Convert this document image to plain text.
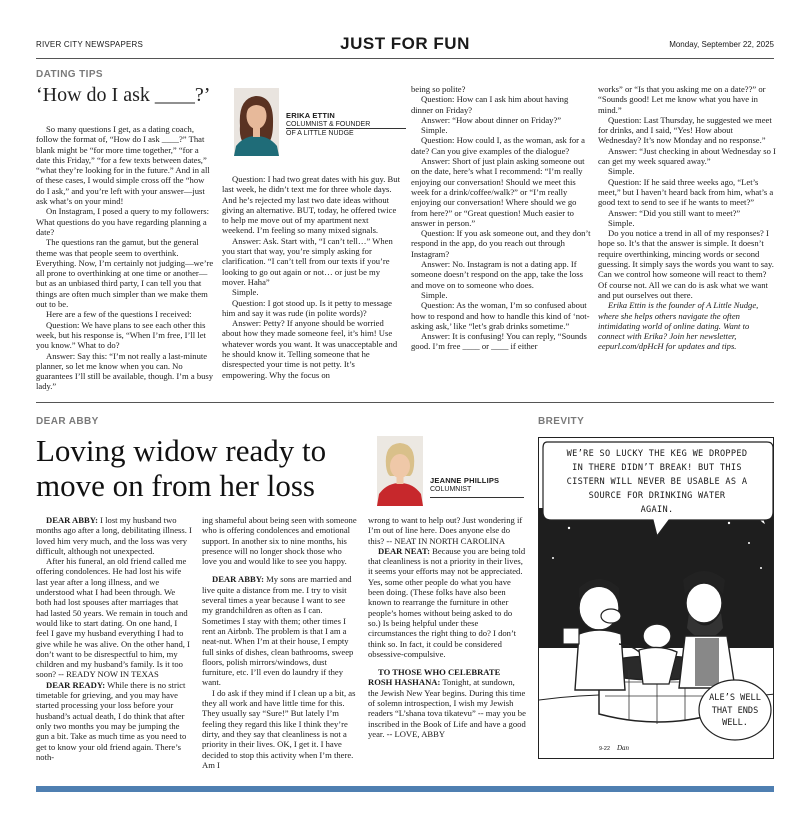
RIVER CITY NEWSPAPERS	JUST FOR FUN	Monday, September 22, 2025
DATING TIPS
‘How do I ask ____?’
ERIKA ETTIN
COLUMNIST & FOUNDER
OF A LITTLE NUDGE

So many questions I get, as a dating coach, follow the format of, “How do I ask ____?” That blank might be “for more time together,” “for a date this Friday,” “for a few texts between dates,” “what they’re looking for in the future.” And in all of these cases, I would simple cross off the “how do I ask,” and you’re left with your answer—just ask what’s on your mind!

On Instagram, I posed a query to my followers: What questions do you have regarding planning a date?

The questions ran the gamut, but the general theme was that people seem to overthink. Everything. Now, I’m certainly not judging—we’re all prone to overthinking at one time or another—but as an unbiased third party, I can tell you that things are often much simpler than we make them out to be.

Here are a few of the questions I received:

Question: We have plans to see each other this week, but his response is, “When I’m free, I’ll let you know.” What to do?

Answer: Say this: “I’m not really a last-minute planner, so let me know when you can. No guarantees I’ll still be available, though. I’m a busy lady.”

Question: I had two great dates with his guy. But last week, he didn’t text me for three whole days. And he’s rejected my last two date ideas without giving an alternative. BUT, today, he offered twice to help me move out of my apartment next weekend. I’m feeling so many mixed signals.

Answer: Ask. Start with, “I can’t tell…” When you start that way, you’re simply asking for clarification. “I can’t tell from our texts if you’re looking to go out again or not… or just be my mover. Haha”

Simple.

Question: I got stood up. Is it petty to message him and say it was rude (in polite words)?

Answer: Petty? If anyone should be worried about how they made someone feel, it’s him! Use whatever words you want. It was unacceptable and he should know it. Telling someone that he disrespected your time is not petty. It’s empowering. Why the focus on

being so polite?

Question: How can I ask him about having dinner on Friday?

Answer: “How about dinner on Friday?”

Simple.

Question: How could I, as the woman, ask for a date? Can you give examples of the dialogue?

Answer: Short of just plain asking someone out on the date, here’s what I recommend: “I’m really enjoying our conversation! Should we meet this week for a drink/coffee/walk?” or “I’m really enjoying our conversation! Where should we go from here?” or “Great question! Much easier to answer in person.”

Question: If you ask someone out, and they don’t respond in the app, do you reach out through Instagram?

Answer: No. Instagram is not a dating app. If someone doesn’t respond on the app, take the loss and move on to someone who does.

Simple.

Question: As the woman, I’m so confused about how to respond and how to handle this kind of ‘not-asking ask,’ like “let’s grab drinks sometime.”

Answer: It is confusing! You can reply, “Sounds good. I’m free ____ or ____ if either

works” or “Is that you asking me on a date??” or “Sounds good! Let me know what you have in mind.”

Question: Last Thursday, he suggested we meet for drinks, and I said, “Yes! How about Wednesday? It’s now Monday and no response.”

Answer: “Just checking in about Wednesday so I can get my week squared away.”

Simple.

Question: If he said three weeks ago, “Let’s meet,” but I haven’t heard back from him, what’s a good text to send to see if he wants to meet?”

Answer: “Did you still want to meet?”

Simple.

Do you notice a trend in all of my responses? I hope so. It’s that the answer is simple. It doesn’t require overthinking, mincing words or second guessing. It simply says the words you want to say. Can we control how someone will react to them? Of course not. All we can do is ask what we want and put ourselves out there.

Erika Ettin is the founder of A Little Nudge, where she helps others navigate the often intimidating world of online dating. Want to connect with Erika? Join her newsletter, eepurl.com/dpHcH for updates and tips.

DEAR ABBY
Loving widow ready to move on from her loss	JEANNE PHILLIPS
COLUMNIST

DEAR ABBY: I lost my husband two months ago after a long, debilitating illness. I loved him very much, and the loss was very difficult, although not unexpected.

After his funeral, an old friend called me offering condolences. He had lost his wife last year after a long illness, and we understood what I had been through. We both had lost spouses after marriages that had lasted 50 years. We remain in touch and would like to start dating. On one hand, I feel I gave my husband everything I had to give while he was alive. On the other hand, I don’t want to be disrespectful to him, my children and my husband’s family. Is it too soon? -- READY NOW IN TEXAS

DEAR READY: While there is no strict timetable for grieving, and you may have started processing your loss before your husband’s actual death, I do think that after only two months you may be jumping the gun a bit. Take as much time as you need to get to know your old friend again. There’s noth-

ing shameful about being seen with someone who is offering condolences and emotional support. In another six to nine months, his presence will no longer shock those who love you and would like to see you happy.

DEAR ABBY: My sons are married and live quite a distance from me. I try to visit several times a year because I want to see my grandchildren as often as I can. Sometimes I stay with them; other times I rent an Airbnb. The problem is that I am a neat-nut. When I’m at their house, I empty full sinks of dishes, clean bathrooms, sweep floors, polish mirrors/windows, dust furniture, etc. I’ll even do laundry if they want.

I do ask if they mind if I clean up a bit, as they all work and have little time for this. They usually say “Sure!” But lately I’m feeling they regard this like I think they’re dirty, and they say that cleanliness is not a priority in their lives. OK, I get it. I have decided to stop this activity when I’m there. Am I

wrong to want to help out? Just wondering if I’m out of line here. Does anyone else do this? -- NEAT IN NORTH CAROLINA

DEAR NEAT: Because you are being told that cleanliness is not a priority in their lives, it seems your efforts may not be appreciated. Yes, some other people do what you have been doing. (These folks have also been known to rearrange the furniture in other people’s homes without being asked to do so.) Is being helpful under these circumstances the right thing to do? I don’t think so. In fact, it could be considered obsessive-compulsive.

TO THOSE WHO CELEBRATE ROSH HASHANA: Tonight, at sundown, the Jewish New Year begins. During this time of solemn introspection, I wish my Jewish readers “L’shana tova tikatevu” -- may you be inscribed in the Book of Life and have a good year. -- LOVE, ABBY

BREVITY
WE’RE SO LUCKY THE KEG WE DROPPED
IN THERE DIDN’T BREAK! BUT THIS
CISTERN WILL NEVER BE USABLE AS A
SOURCE FOR DRINKING WATER
AGAIN.
ALE’S WELL
THAT ENDS
WELL.
9-22 Dan
